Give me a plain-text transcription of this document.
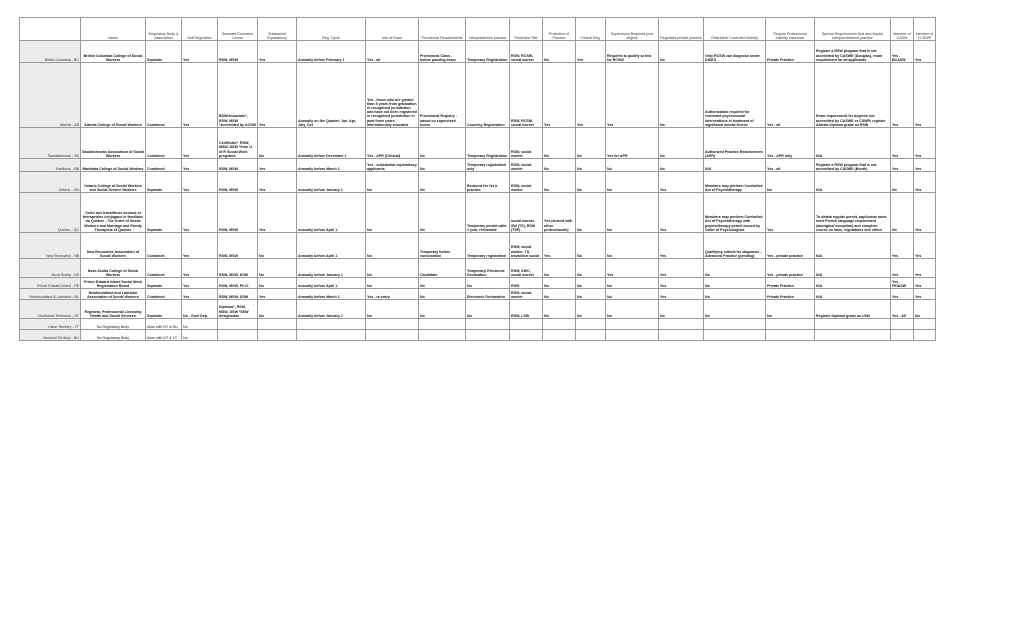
	Name	Regulatory Body & Association	Self Regulation	Standard Education Levels	Substantial Equivalency	Reg. Cycle	Use of Exam	Provisional Requirements	Interjurisdiction practice	Protected Title	Protection of Practice	Clinical Reg.	Supervision Required post degree	Regulates private practice	Restricted/ Controlled Activity	Require Professional Liability Insurance	Special Requirements that also impact interjurisdictional practice	Member of CASW	Member of CCSWR
British Columbia - BC	British Columbia College of Social Workers	Separate	Yes	RSW, MSW	Yes	Annually before February 1	Yes - all	Provisional Class - before passing exam	Temporary Registration	RSW, RCSW, social worker	No	Yes	Required to qualify to test for RCSW	No	Only RCSW can diagnose under DSM-5	Private Practice	Register a RSW program that is not accredited by CASWE (Douglas), exam requirement for all applicants	Yes - BCASW	Yes
Alberta - AB	Alberta College of Social Workers	Combined	Yes	BSW/Associate*, RSW, MSW *Accredited by ACSW	Yes	Annually on the Quarter: Jan, Apr, July, Oct	Yes - those who are greater than 5 years from graduation in recognized jurisdiction and have not been registered in recognized jurisdiction in past three years. Internationally educated	Provisional Registry - based on supervised hours	Courtesy Registration	RSW, RCSW, social worker	Yes	Yes	Yes	No	Authorization required for restricted psychosocial interventions in treatment of significant mental illness	Yes - all	Exam requirement for degrees not accredited by CASWE or CSWR; register Alberta diploma grads as RSW	Yes	Yes
Saskatchewan - SK	Saskatchewan Association of Social Workers	Combined	Yes	Certificate*, RSW, MSW, DSW *from U of R Social Work programs	No	Annually before December 1	Yes - APR (Clinical)	No	Temporary Registration	RSW, social worker	No	No	Yes for APR	No	Authorized Practice Endorsement (APR)	Yes - APR only	N/A	Yes	Yes
Manitoba - MB	Manitoba College of Social Workers	Combined	Yes	RSW, MSW	Yes	Annually before March 1	Yes - substantial equivalency applicants	No	Temporary registration only	RSW, social worker	No	No	No	No	N/A	Yes - all	Register a RSW program that is not accredited by CASWE (Booth)	Yes	Yes
Ontario - ON	Ontario College of Social Workers and Social Service Workers	Separate	Yes	RSW, MSW	Yes	Annually before January 1	No	No	Reduced fee for a practice	RSW, social worker	No	No	No	Yes	Members may perform Controlled Act of Psychotherapy	No	N/A	No	Yes
Quebec - QC	Ordre des travailleurs sociaux et thérapeutes conjugaux et familiaux du Québec - The Order of Social Workers and Marriage and Family Therapists of Quebec	Separate	Yes	RSW, MSW	Yes	Annually before April 1	No	No	Temporary permit valid 1 year, renewable	social worker, SW (TS), RSW (TSP)	Yes (shared with other professionals)	No	No	Yes	Members may perform Controlled Act of Psychotherapy with psychotherapy permit issued by Order of Psychologists	Yes	To obtain regular permit, applicants must meet French language requirement (aboriginal exception) and complete course on laws, regulations and ethics	No	Yes
New Brunswick - NB	New Brunswick Association of Social Workers	Combined	Yes	RSW, MSW	No	Annually before April 1	No	Temporary before convocation	Temporary registration	RSW, social worker, TS, travailleur social	Yes	No	No	Yes	Qualifying criteria for diagnosis - Advanced Practice (pending)	Yes - private practice	N/A	Yes	Yes
Nova Scotia - NS	Nova Scotia College of Social Workers	Combined	Yes	RSW, MSW, DSW	No	Annually before January 1	No	Candidate	Temporary/ Electronic Declaration	RSW, SWC, social worker	No	No	Yes	Yes	No	Yes - private practice	N/A	Yes	Yes
Prince Edward Island - PE	Prince Edward Island Social Work Registration Board	Separate	Yes	RSW, MSW, Ph.D.	No	Annually before April 1	No	No	No	RSW	No	No	No	Yes	No	Private Practice	N/A	Yes - PEIASW	Yes
Newfoundland & Labrador - NL	Newfoundland and Labrador Association of Social Workers	Combined	Yes	RSW, MSW, DSW	Yes	Annually before March 1	Yes - re-entry	No	Electronic Declaration	RSW, social worker	No	No	No	Yes	No	Private Practice	N/A	Yes	Yes
Northwest Territories - NT	Registrar, Professional Licensing Health and Social Services	Separate	No - Govt Dep.	Diploma*, RSW, MSW, DSW *SSW designation	No	Annually before January 1	No	No	No	RSW, LSW	No	No	No	No	No	No	Register diploma grads as LSW	Yes - All	No
Yukon Territory - YT	No Regulatory Body	Assn with NT & NU	No																
Nunavut Territory - NU	No Regulatory Body	Assn with NT & YT	No																
